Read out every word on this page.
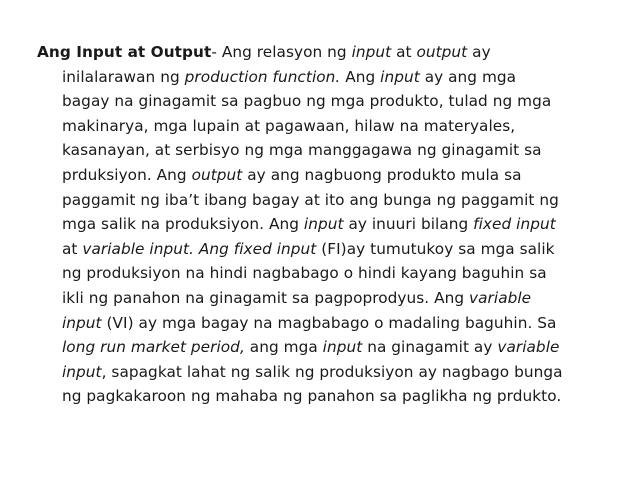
Ang Input at Output- Ang relasyon ng input at output ay
inilalarawan ng production function. Ang input ay ang mga
bagay na ginagamit sa pagbuo ng mga produkto, tulad ng mga
makinarya, mga lupain at pagawaan, hilaw na materyales,
kasanayan, at serbisyo ng mga manggagawa ng ginagamit sa
prduksiyon. Ang output ay ang nagbuong produkto mula sa
paggamit ng iba’t ibang bagay at ito ang bunga ng paggamit ng
mga salik na produksiyon. Ang input ay inuuri bilang fixed input
at variable input. Ang fixed input (FI)ay tumutukoy sa mga salik
ng produksiyon na hindi nagbabago o hindi kayang baguhin sa
ikli ng panahon na ginagamit sa pagpoprodyus. Ang variable
input (VI) ay mga bagay na magbabago o madaling baguhin. Sa
long run market period, ang mga input na ginagamit ay variable
input, sapagkat lahat ng salik ng produksiyon ay nagbago bunga
ng pagkakaroon ng mahaba ng panahon sa paglikha ng prdukto.
